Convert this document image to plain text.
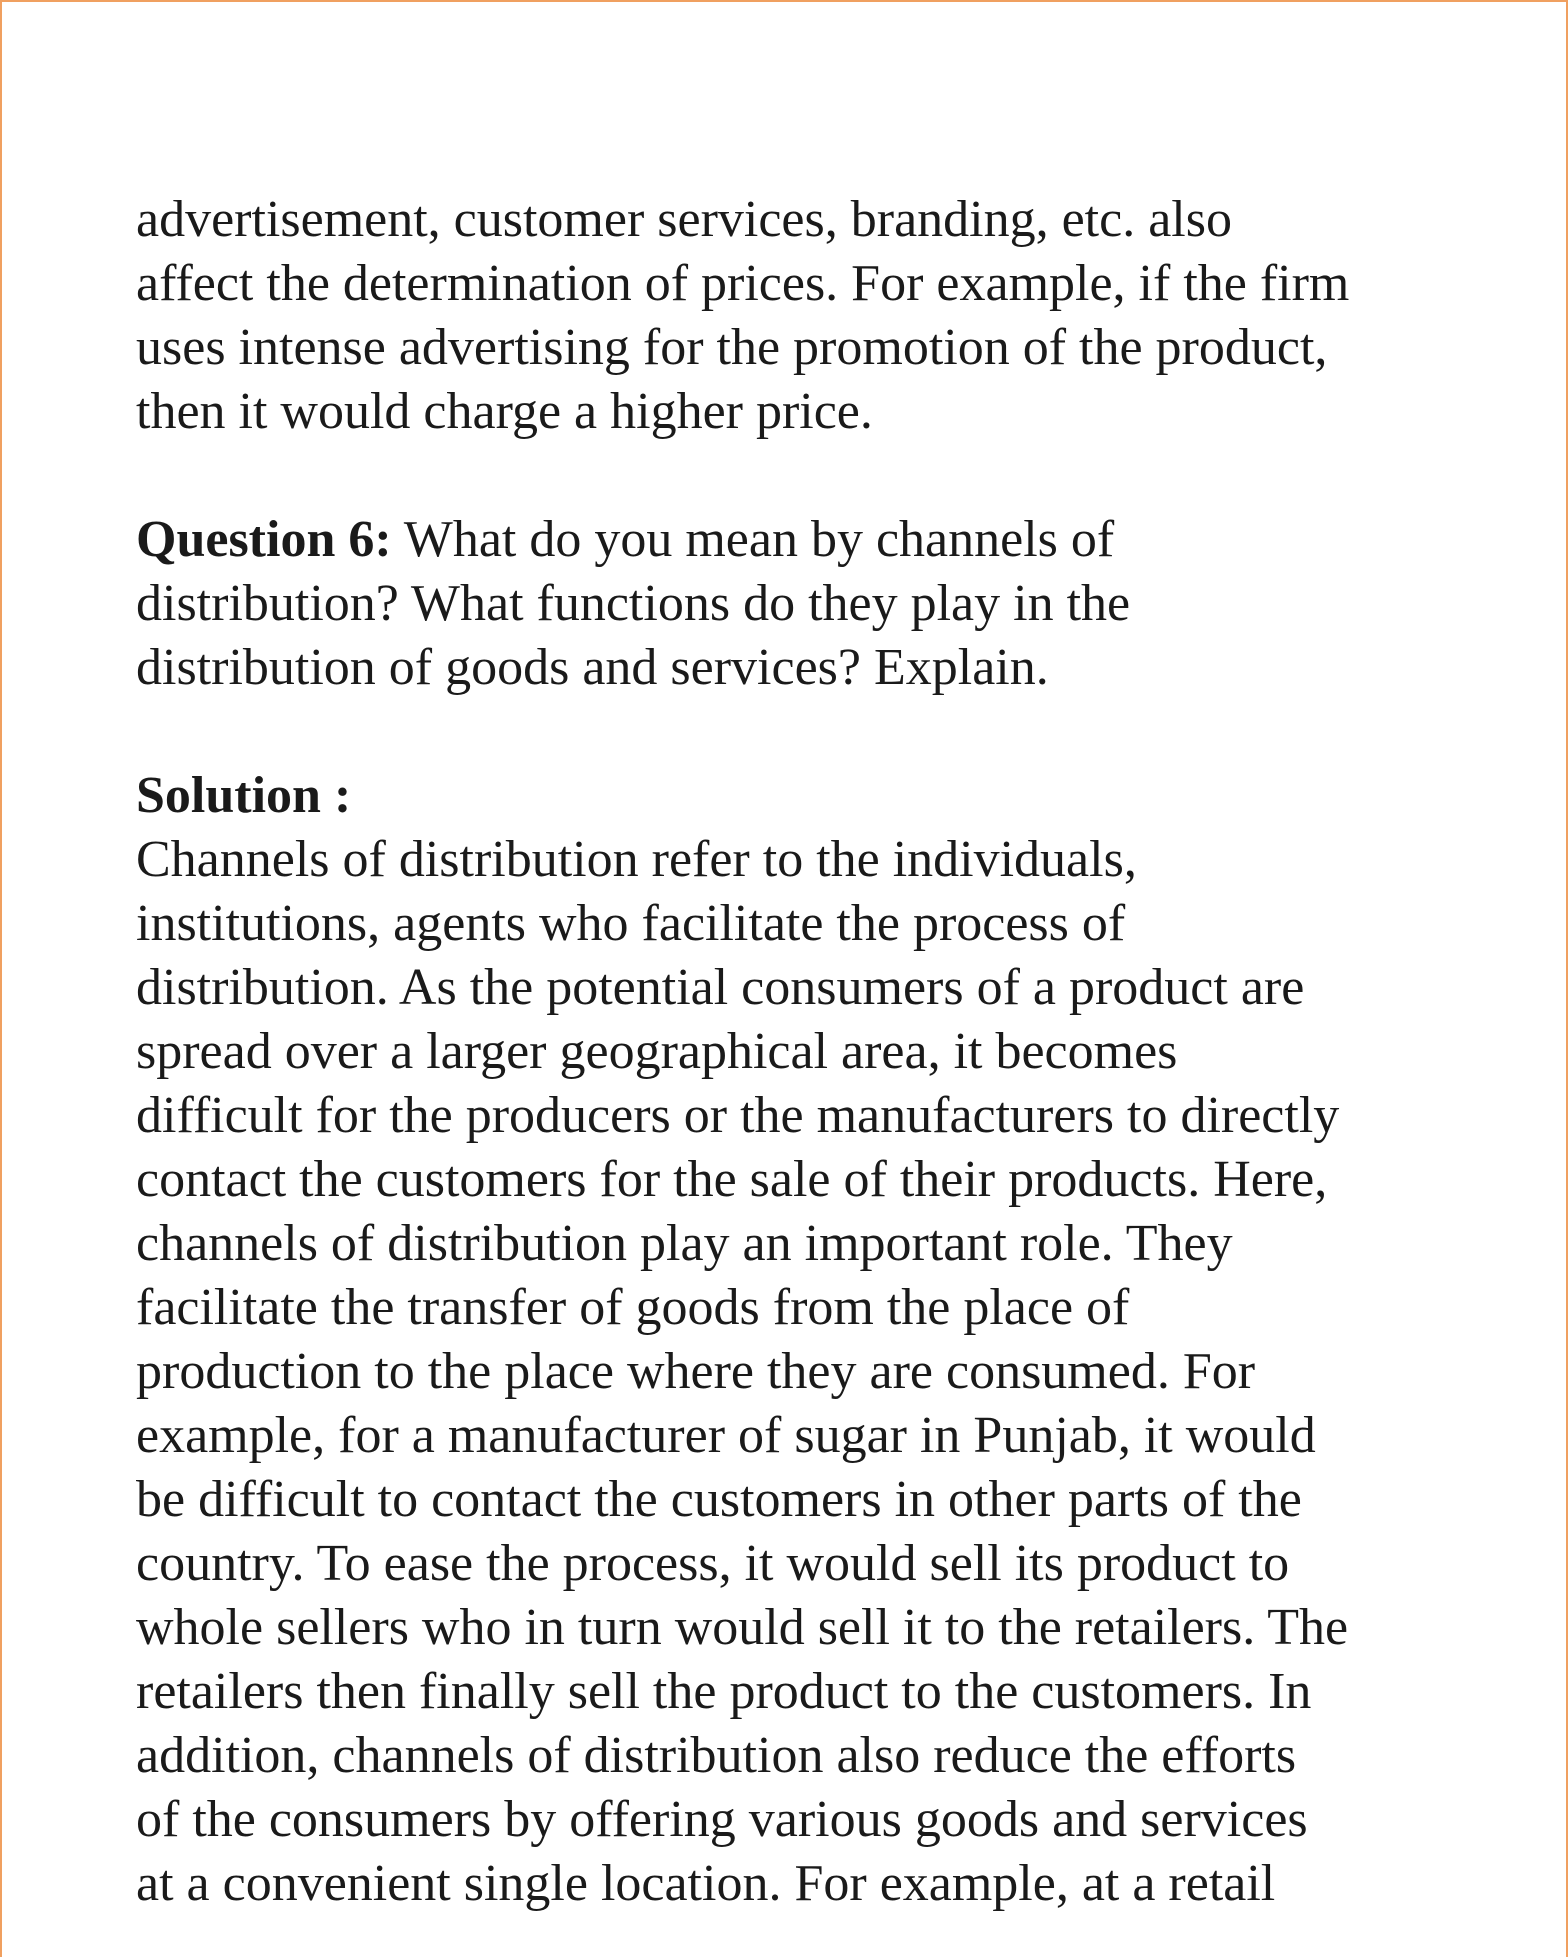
advertisement, customer services, branding, etc. also
affect the determination of prices. For example, if the firm
uses intense advertising for the promotion of the product,
then it would charge a higher price.

Question 6: What do you mean by channels of
distribution? What functions do they play in the
distribution of goods and services? Explain.

Solution :
Channels of distribution refer to the individuals,
institutions, agents who facilitate the process of
distribution. As the potential consumers of a product are
spread over a larger geographical area, it becomes
difficult for the producers or the manufacturers to directly
contact the customers for the sale of their products. Here,
channels of distribution play an important role. They
facilitate the transfer of goods from the place of
production to the place where they are consumed. For
example, for a manufacturer of sugar in Punjab, it would
be difficult to contact the customers in other parts of the
country. To ease the process, it would sell its product to
whole sellers who in turn would sell it to the retailers. The
retailers then finally sell the product to the customers. In
addition, channels of distribution also reduce the efforts
of the consumers by offering various goods and services
at a convenient single location. For example, at a retail
